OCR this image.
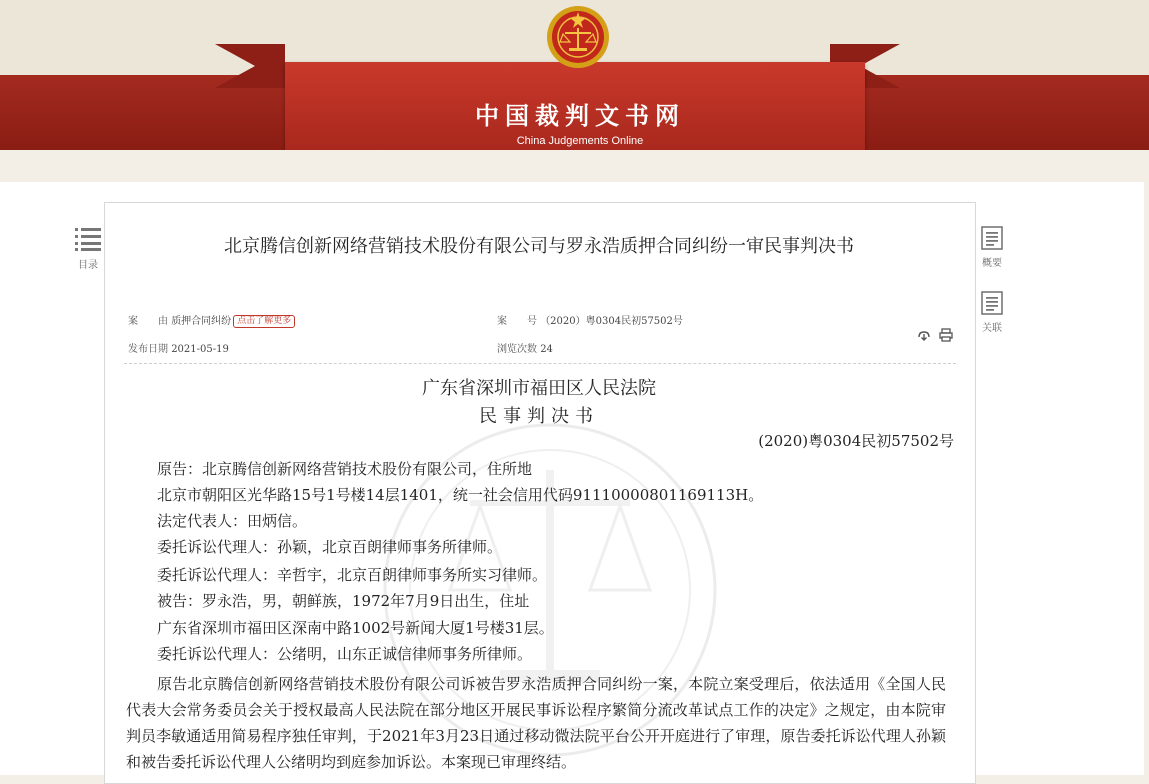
中国裁判文书网
China Judgements Online
目录	概要
关联
北京腾信创新网络营销技术股份有限公司与罗永浩质押合同纠纷一审民事判决书
案　　由 质押合同纠纷 点击了解更多	案　　号 （2020）粤0304民初57502号
发布日期 2021-05-19	浏览次数 24

广东省深圳市福田区人民法院
民事判决书
(2020)粤0304民初57502号
原告：北京腾信创新网络营销技术股份有限公司，住所地
北京市朝阳区光华路15号1号楼14层1401，统一社会信用代码9111000080116911​3H。
法定代表人：田炳信。
委托诉讼代理人：孙颖，北京百朗律师事务所律师。
委托诉讼代理人：辛哲宇，北京百朗律师事务所实习律师。
被告：罗永浩，男，朝鲜族，1972年7月9日出生，住址
广东省深圳市福田区深南中路1002号新闻大厦1号楼31层。
委托诉讼代理人：公绪明，山东正诚信律师事务所律师。
原告北京腾信创新网络营销技术股份有限公司诉被告罗永浩质押合同纠纷一案，本院立案受理后，依法适用《全国人民代表大会常务委员会关于授权最高人民法院在部分地区开展民事诉讼程序繁简分流改革试点工作的决定》之规定，由本院审判员李敏通适用简易程序独任审判，于2021年3月23日通过移动微法院平台公开开庭进行了审理，原告委托诉讼代理人孙颖和被告委托诉讼代理人公绪明均到庭参加诉讼。本案现已审理终结。
